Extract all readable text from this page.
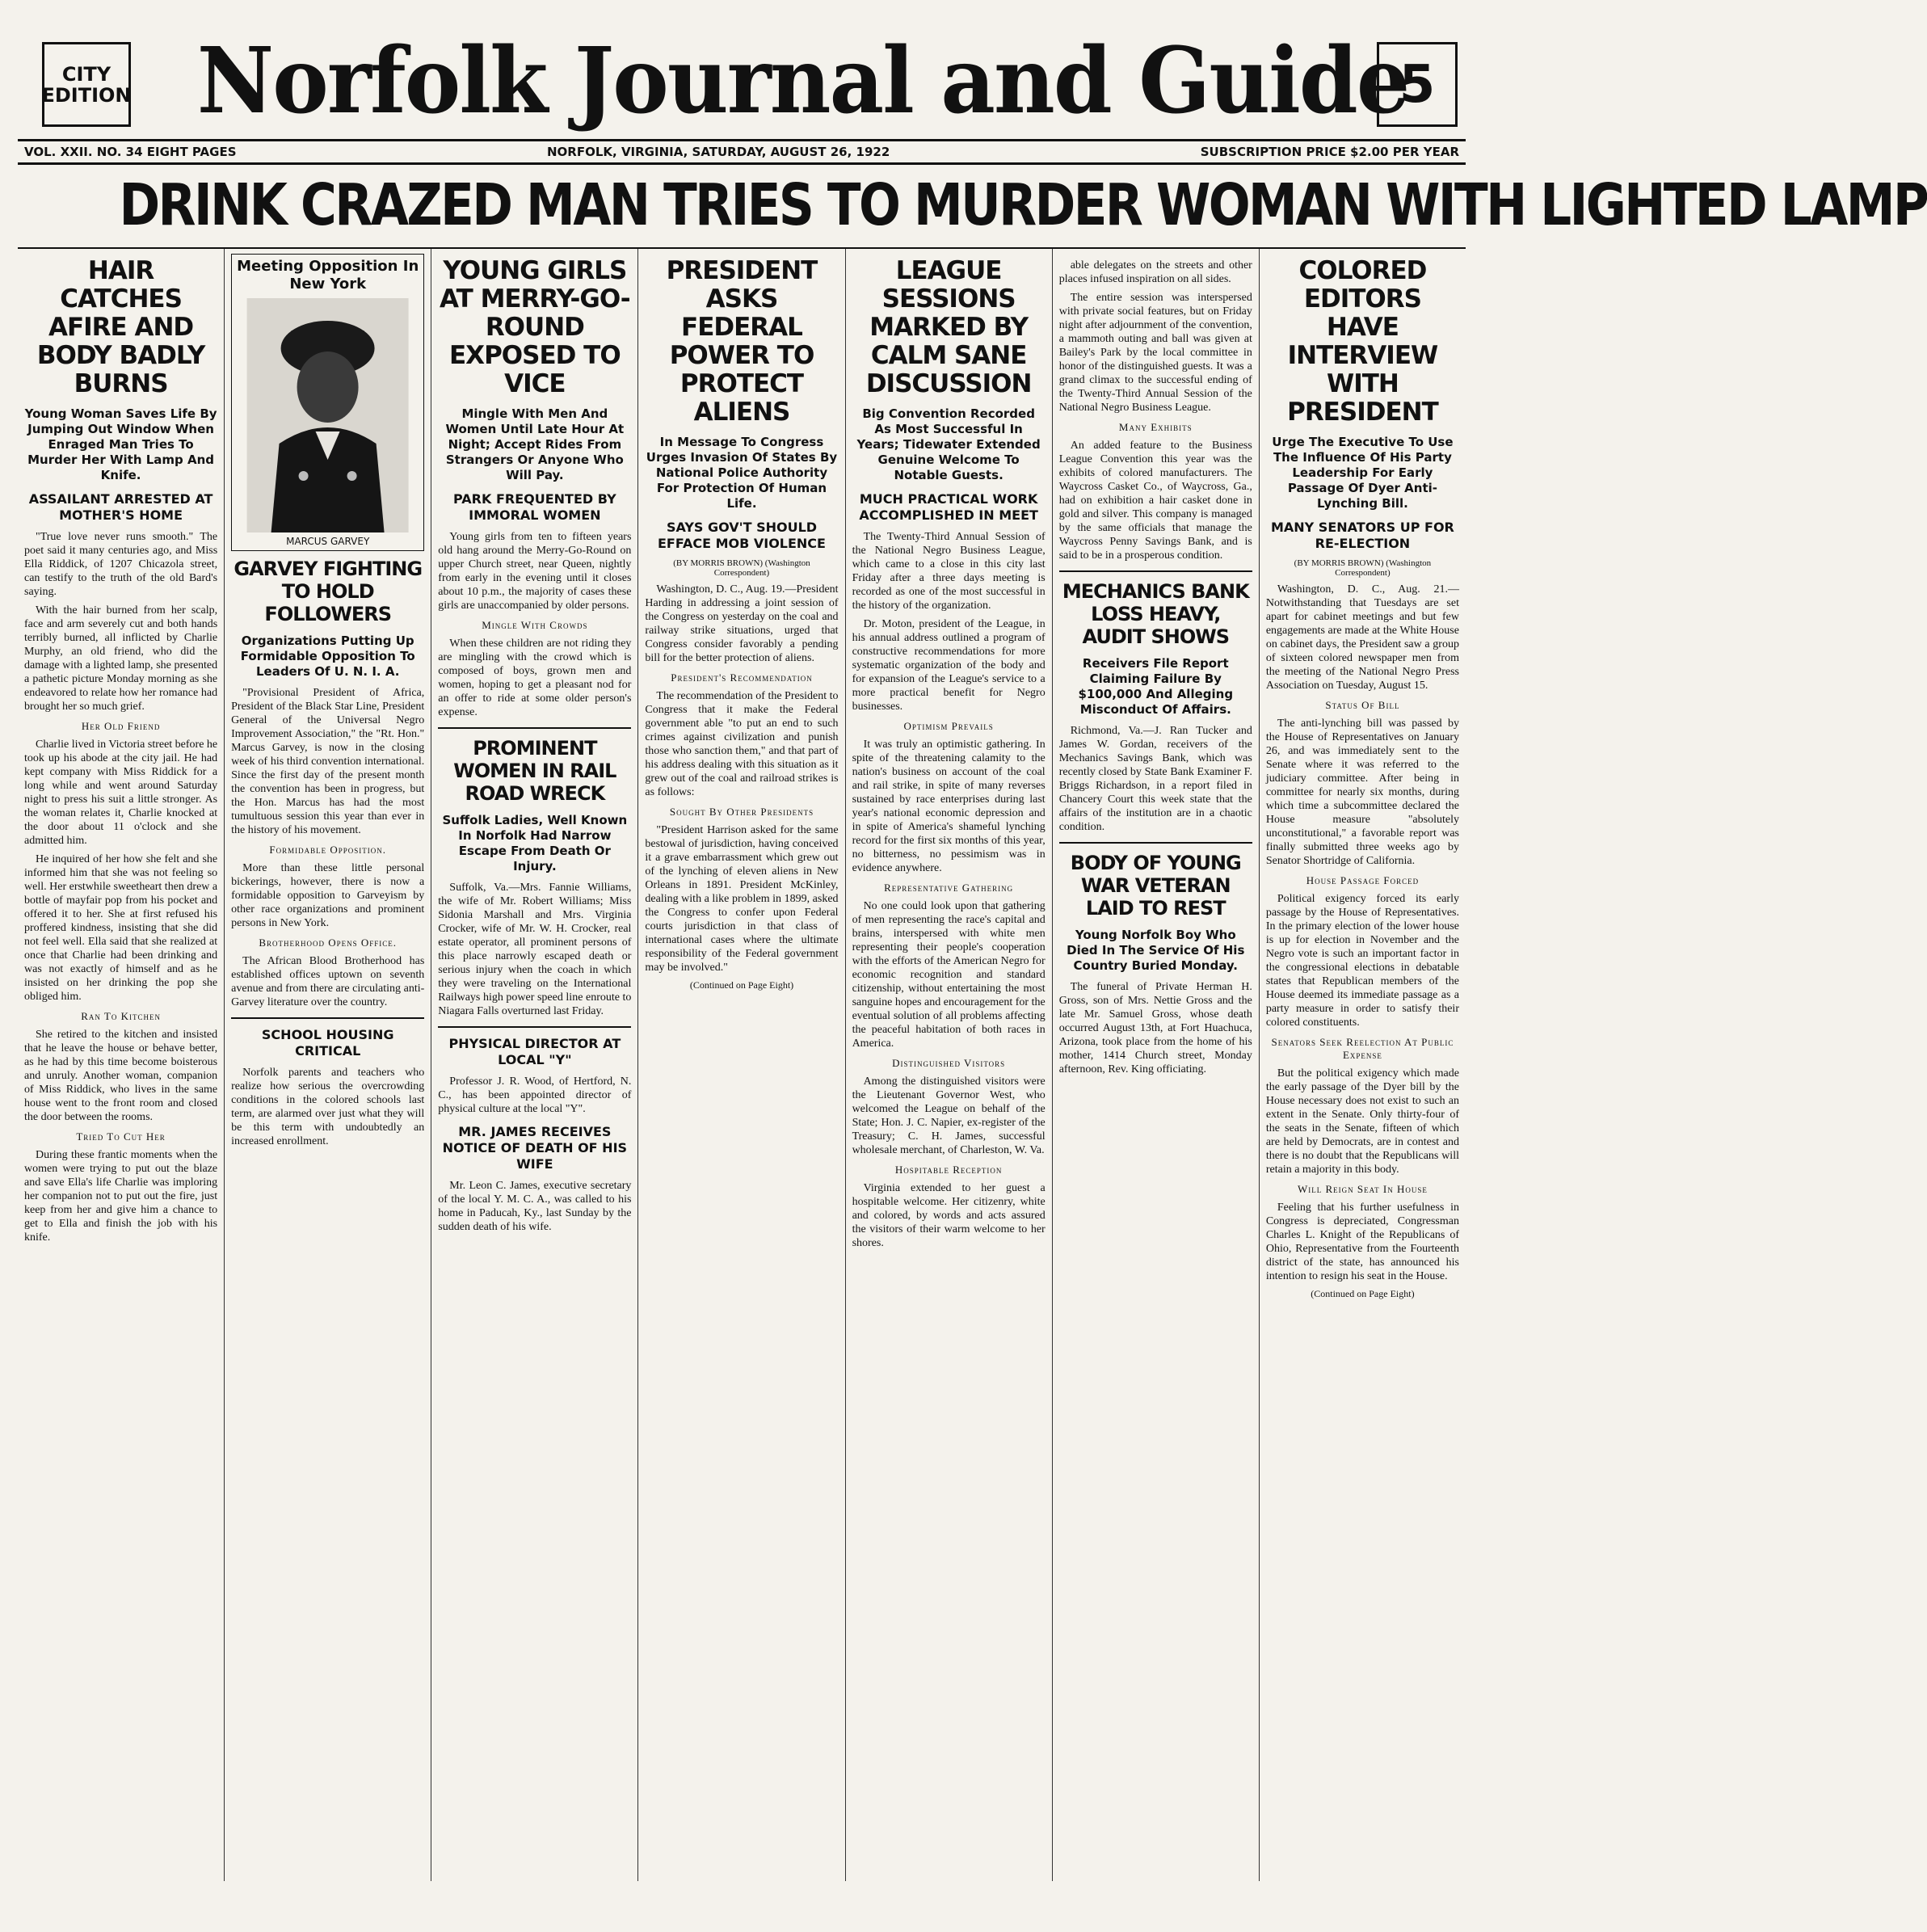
CITY EDITION Norfolk Journal and Guide
5
VOL. XXII. NO. 34 EIGHT PAGES	NORFOLK, VIRGINIA, SATURDAY, AUGUST 26, 1922	SUBSCRIPTION PRICE $2.00 PER YEAR
DRINK CRAZED MAN TRIES TO MURDER WOMAN WITH LIGHTED LAMP
HAIR CATCHES AFIRE AND BODY BADLY BURNS
Young Woman Saves Life By Jumping Out Window When Enraged Man Tries To Murder Her With Lamp And Knife.
ASSAILANT ARRESTED AT MOTHER'S HOME

"True love never runs smooth." The poet said it many centuries ago, and Miss Ella Riddick, of 1207 Chicazola street, can testify to the truth of the old Bard's saying.

With the hair burned from her scalp, face and arm severely cut and both hands terribly burned, all inflicted by Charlie Murphy, an old friend, who did the damage with a lighted lamp, she presented a pathetic picture Monday morning as she endeavored to relate how her romance had brought her so much grief.

Her Old Friend

Charlie lived in Victoria street before he took up his abode at the city jail. He had kept company with Miss Riddick for a long while and went around Saturday night to press his suit a little stronger. As the woman relates it, Charlie knocked at the door about 11 o'clock and she admitted him.

He inquired of her how she felt and she informed him that she was not feeling so well. Her erstwhile sweetheart then drew a bottle of mayfair pop from his pocket and offered it to her. She at first refused his proffered kindness, insisting that she did not feel well. Ella said that she realized at once that Charlie had been drinking and was not exactly of himself and as he insisted on her drinking the pop she obliged him.

Ran To Kitchen

She retired to the kitchen and insisted that he leave the house or behave better, as he had by this time become boisterous and unruly. Another woman, companion of Miss Riddick, who lives in the same house went to the front room and closed the door between the rooms.

Tried To Cut Her

During these frantic moments when the women were trying to put out the blaze and save Ella's life Charlie was imploring her companion not to put out the fire, just keep from her and give him a chance to get to Ella and finish the job with his knife.

Meeting Opposition In New York
MARCUS GARVEY
GARVEY FIGHTING TO HOLD FOLLOWERS
Organizations Putting Up Formidable Opposition To Leaders Of U. N. I. A.

"Provisional President of Africa, President of the Black Star Line, President General of the Universal Negro Improvement Association," the "Rt. Hon." Marcus Garvey, is now in the closing week of his third convention international. Since the first day of the present month the convention has been in progress, but the Hon. Marcus has had the most tumultuous session this year than ever in the history of his movement.

Formidable Opposition.

More than these little personal bickerings, however, there is now a formidable opposition to Garveyism by other race organizations and prominent persons in New York.

Brotherhood Opens Office.

The African Blood Brotherhood has established offices uptown on seventh avenue and from there are circulating anti-Garvey literature over the country.

SCHOOL HOUSING CRITICAL

Norfolk parents and teachers who realize how serious the overcrowding conditions in the colored schools last term, are alarmed over just what they will be this term with undoubtedly an increased enrollment.

YOUNG GIRLS AT MERRY-GO-ROUND EXPOSED TO VICE
Mingle With Men And Women Until Late Hour At Night; Accept Rides From Strangers Or Anyone Who Will Pay.
PARK FREQUENTED BY IMMORAL WOMEN

Young girls from ten to fifteen years old hang around the Merry-Go-Round on upper Church street, near Queen, nightly from early in the evening until it closes about 10 p.m., the majority of cases these girls are unaccompanied by older persons.

Mingle With Crowds

When these children are not riding they are mingling with the crowd which is composed of boys, grown men and women, hoping to get a pleasant nod for an offer to ride at some older person's expense.

PROMINENT WOMEN IN RAIL ROAD WRECK
Suffolk Ladies, Well Known In Norfolk Had Narrow Escape From Death Or Injury.

Suffolk, Va.—Mrs. Fannie Williams, the wife of Mr. Robert Williams; Miss Sidonia Marshall and Mrs. Virginia Crocker, wife of Mr. W. H. Crocker, real estate operator, all prominent persons of this place narrowly escaped death or serious injury when the coach in which they were traveling on the International Railways high power speed line enroute to Niagara Falls overturned last Friday.

PHYSICAL DIRECTOR AT LOCAL "Y"

Professor J. R. Wood, of Hertford, N. C., has been appointed director of physical culture at the local "Y".

MR. JAMES RECEIVES NOTICE OF DEATH OF HIS WIFE

Mr. Leon C. James, executive secretary of the local Y. M. C. A., was called to his home in Paducah, Ky., last Sunday by the sudden death of his wife.

PRESIDENT ASKS FEDERAL POWER TO PROTECT ALIENS
In Message To Congress Urges Invasion Of States By National Police Authority For Protection Of Human Life.
SAYS GOV'T SHOULD EFFACE MOB VIOLENCE
(BY MORRIS BROWN) (Washington Correspondent)

Washington, D. C., Aug. 19.—President Harding in addressing a joint session of the Congress on yesterday on the coal and railway strike situations, urged that Congress consider favorably a pending bill for the better protection of aliens.

President's Recommendation

The recommendation of the President to Congress that it make the Federal government able "to put an end to such crimes against civilization and punish those who sanction them," and that part of his address dealing with this situation as it grew out of the coal and railroad strikes is as follows:

Sought By Other Presidents

"President Harrison asked for the same bestowal of jurisdiction, having conceived it a grave embarrassment which grew out of the lynching of eleven aliens in New Orleans in 1891. President McKinley, dealing with a like problem in 1899, asked the Congress to confer upon Federal courts jurisdiction in that class of international cases where the ultimate responsibility of the Federal government may be involved."

(Continued on Page Eight)
LEAGUE SESSIONS MARKED BY CALM SANE DISCUSSION
Big Convention Recorded As Most Successful In Years; Tidewater Extended Genuine Welcome To Notable Guests.
MUCH PRACTICAL WORK ACCOMPLISHED IN MEET

The Twenty-Third Annual Session of the National Negro Business League, which came to a close in this city last Friday after a three days meeting is recorded as one of the most successful in the history of the organization.

Dr. Moton, president of the League, in his annual address outlined a program of constructive recommendations for more systematic organization of the body and for expansion of the League's service to a more practical benefit for Negro businesses.

Optimism Prevails

It was truly an optimistic gathering. In spite of the threatening calamity to the nation's business on account of the coal and rail strike, in spite of many reverses sustained by race enterprises during last year's national economic depression and in spite of America's shameful lynching record for the first six months of this year, no bitterness, no pessimism was in evidence anywhere.

Representative Gathering

No one could look upon that gathering of men representing the race's capital and brains, interspersed with white men representing their people's cooperation with the efforts of the American Negro for economic recognition and standard citizenship, without entertaining the most sanguine hopes and encouragement for the eventual solution of all problems affecting the peaceful habitation of both races in America.

Distinguished Visitors

Among the distinguished visitors were the Lieutenant Governor West, who welcomed the League on behalf of the State; Hon. J. C. Napier, ex-register of the Treasury; C. H. James, successful wholesale merchant, of Charleston, W. Va.

Hospitable Reception

Virginia extended to her guest a hospitable welcome. Her citizenry, white and colored, by words and acts assured the visitors of their warm welcome to her shores.

able delegates on the streets and other places infused inspiration on all sides.

The entire session was interspersed with private social features, but on Friday night after adjournment of the convention, a mammoth outing and ball was given at Bailey's Park by the local committee in honor of the distinguished guests. It was a grand climax to the successful ending of the Twenty-Third Annual Session of the National Negro Business League.

Many Exhibits

An added feature to the Business League Convention this year was the exhibits of colored manufacturers. The Waycross Casket Co., of Waycross, Ga., had on exhibition a hair casket done in gold and silver. This company is managed by the same officials that manage the Waycross Penny Savings Bank, and is said to be in a prosperous condition.

MECHANICS BANK LOSS HEAVY, AUDIT SHOWS
Receivers File Report Claiming Failure By $100,000 And Alleging Misconduct Of Affairs.

Richmond, Va.—J. Ran Tucker and James W. Gordan, receivers of the Mechanics Savings Bank, which was recently closed by State Bank Examiner F. Briggs Richardson, in a report filed in Chancery Court this week state that the affairs of the institution are in a chaotic condition.

BODY OF YOUNG WAR VETERAN LAID TO REST
Young Norfolk Boy Who Died In The Service Of His Country Buried Monday.

The funeral of Private Herman H. Gross, son of Mrs. Nettie Gross and the late Mr. Samuel Gross, whose death occurred August 13th, at Fort Huachuca, Arizona, took place from the home of his mother, 1414 Church street, Monday afternoon, Rev. King officiating.

COLORED EDITORS HAVE INTERVIEW WITH PRESIDENT
Urge The Executive To Use The Influence Of His Party Leadership For Early Passage Of Dyer Anti-Lynching Bill.
MANY SENATORS UP FOR RE-ELECTION
(BY MORRIS BROWN) (Washington Correspondent)

Washington, D. C., Aug. 21.—Notwithstanding that Tuesdays are set apart for cabinet meetings and but few engagements are made at the White House on cabinet days, the President saw a group of sixteen colored newspaper men from the meeting of the National Negro Press Association on Tuesday, August 15.

Status Of Bill

The anti-lynching bill was passed by the House of Representatives on January 26, and was immediately sent to the Senate where it was referred to the judiciary committee. After being in committee for nearly six months, during which time a subcommittee declared the House measure "absolutely unconstitutional," a favorable report was finally submitted three weeks ago by Senator Shortridge of California.

House Passage Forced

Political exigency forced its early passage by the House of Representatives. In the primary election of the lower house is up for election in November and the Negro vote is such an important factor in the congressional elections in debatable states that Republican members of the House deemed its immediate passage as a party measure in order to satisfy their colored constituents.

Senators Seek Reelection At Public Expense

But the political exigency which made the early passage of the Dyer bill by the House necessary does not exist to such an extent in the Senate. Only thirty-four of the seats in the Senate, fifteen of which are held by Democrats, are in contest and there is no doubt that the Republicans will retain a majority in this body.

Will Reign Seat In House

Feeling that his further usefulness in Congress is depreciated, Congressman Charles L. Knight of the Republicans of Ohio, Representative from the Fourteenth district of the state, has announced his intention to resign his seat in the House.

(Continued on Page Eight)
